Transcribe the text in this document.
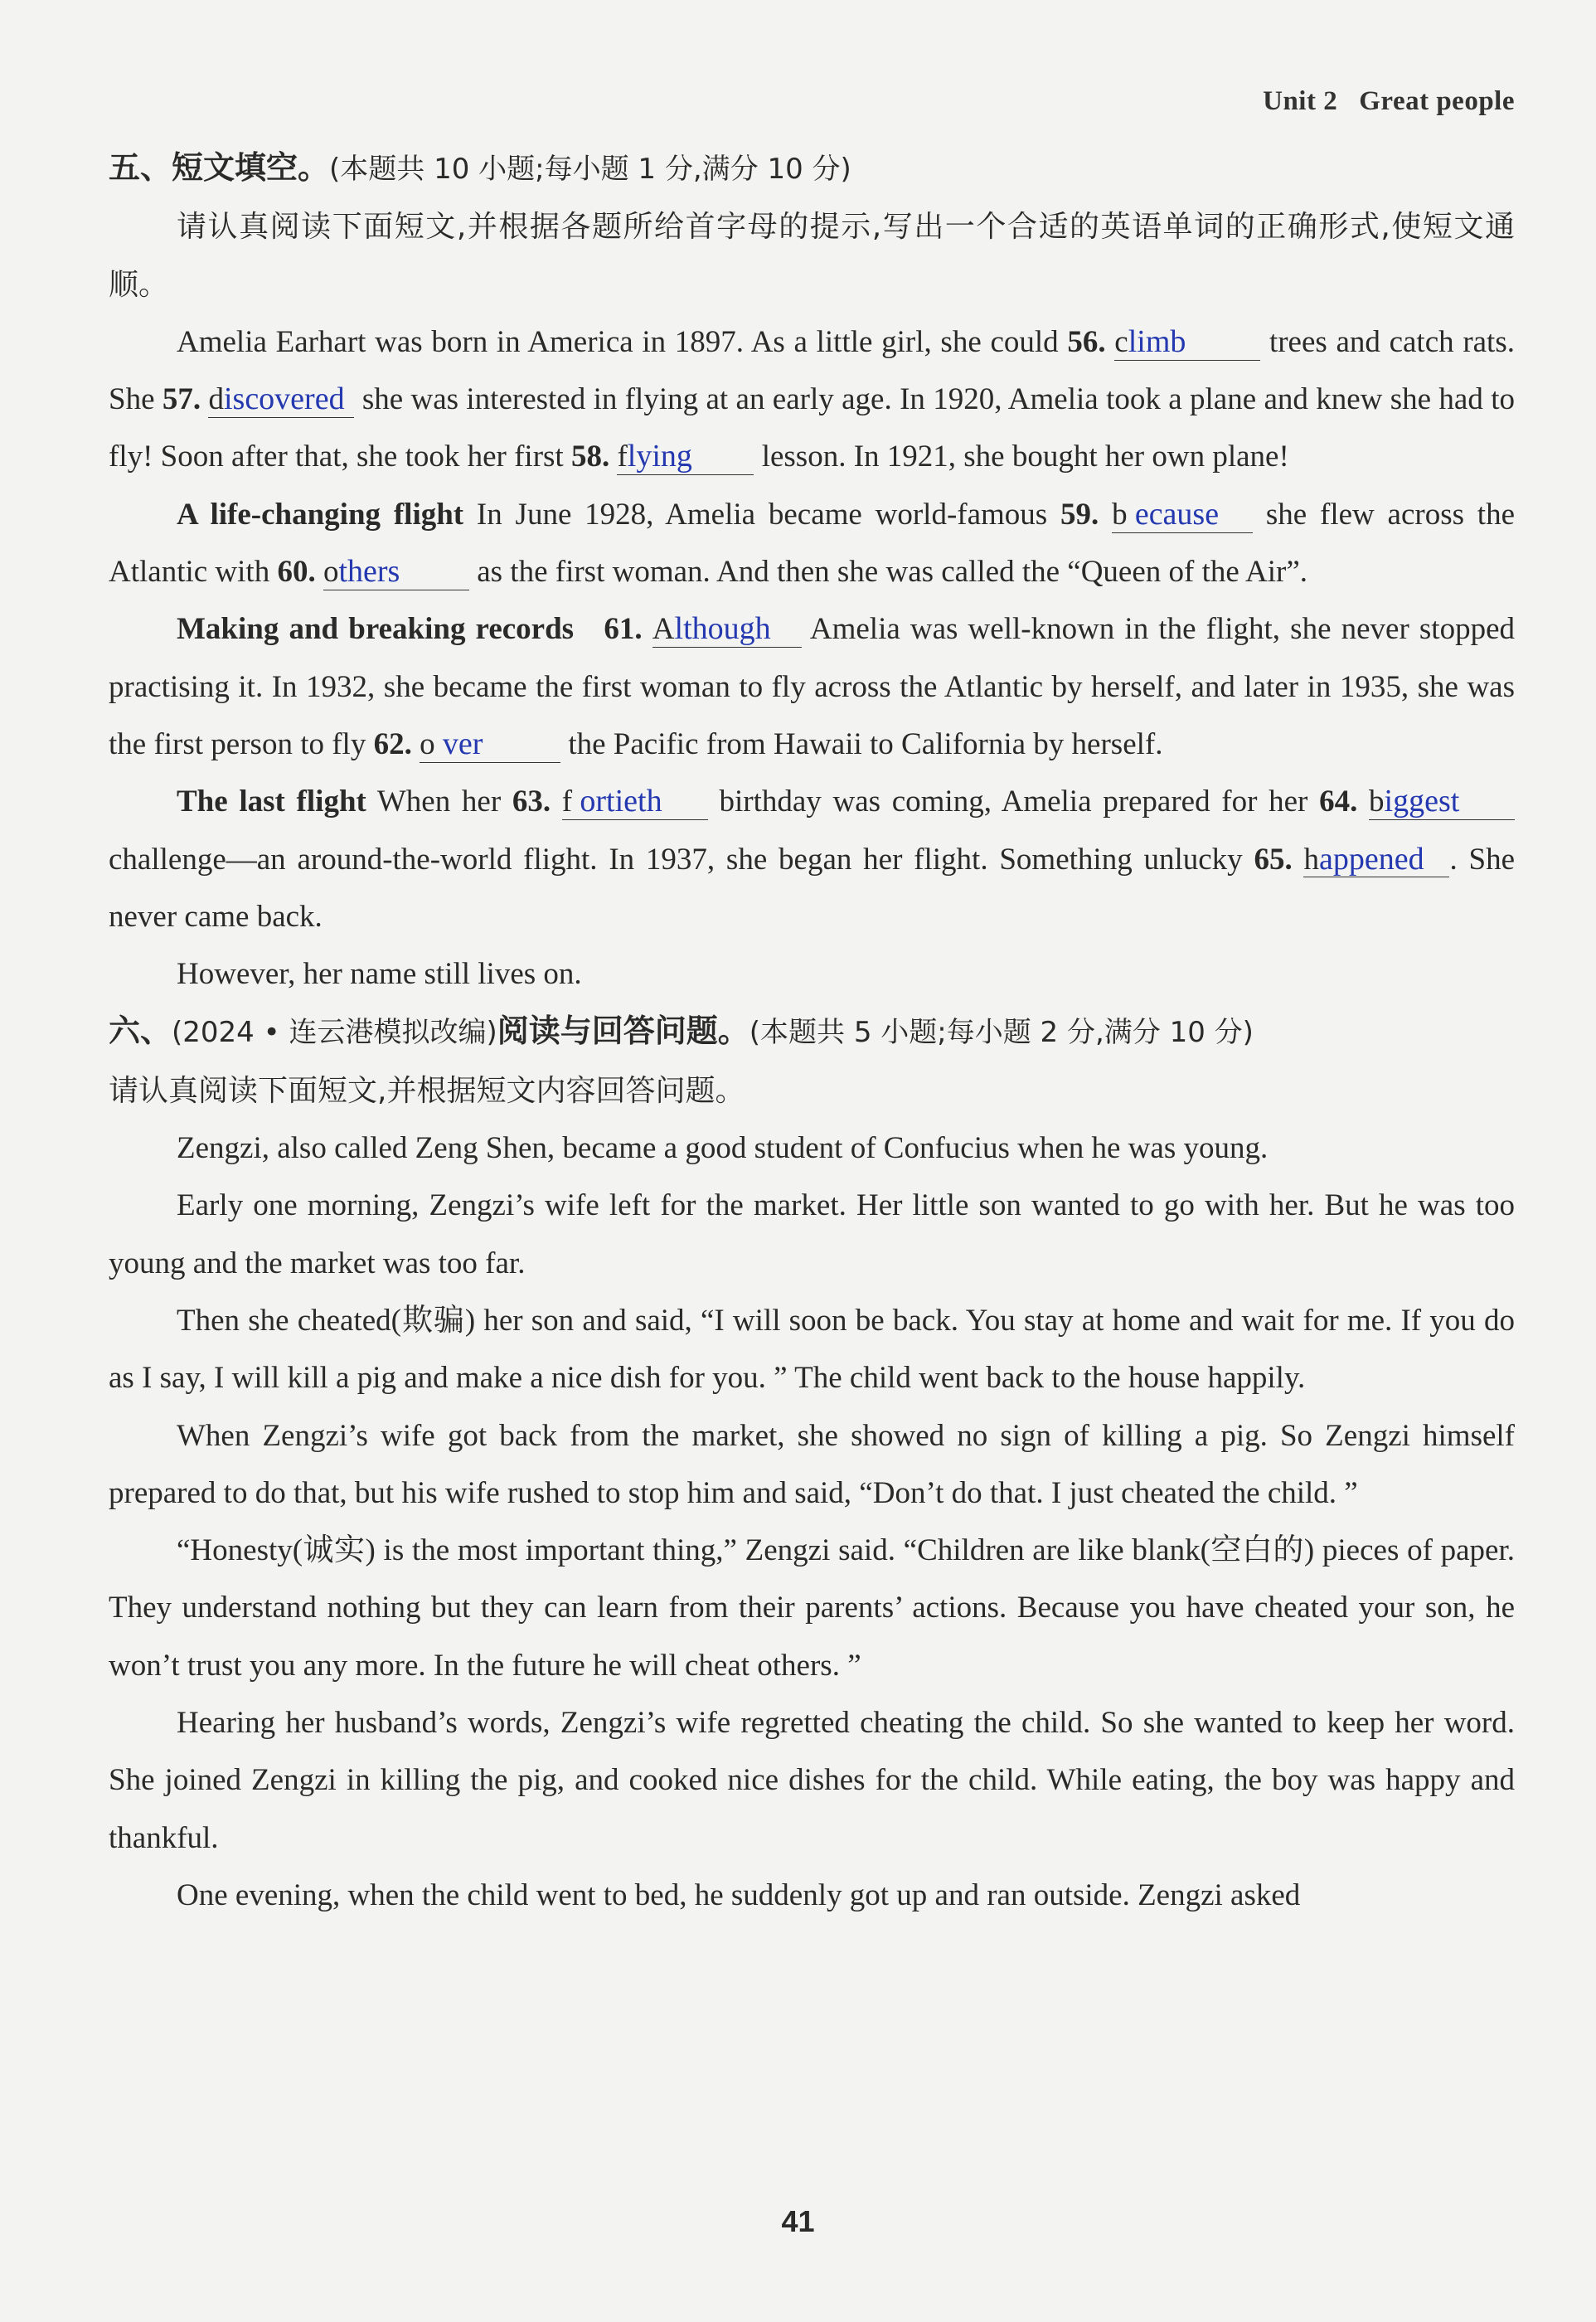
Unit 2 Great people

五、短文填空。(本题共 10 小题;每小题 1 分,满分 10 分)

请认真阅读下面短文,并根据各题所给首字母的提示,写出一个合适的英语单词的正确形式,使短文通顺。

Amelia Earhart was born in America in 1897. As a little girl, she could 56. climb trees and catch rats. She 57. discovered she was interested in flying at an early age. In 1920, Amelia took a plane and knew she had to fly! Soon after that, she took her first 58. flying lesson. In 1921, she bought her own plane!

A life-changing flight In June 1928, Amelia became world-famous 59. b ecause she flew across the Atlantic with 60. others as the first woman. And then she was called the “Queen of the Air”.

Making and breaking records 61. Although Amelia was well-known in the flight, she never stopped practising it. In 1932, she became the first woman to fly across the Atlantic by herself, and later in 1935, she was the first person to fly 62. o ver	the Pacific from Hawaii to California by herself.

The last flight When her 63. f ortieth birthday was coming, Amelia prepared for her 64. biggest challenge—an around-the-world flight. In 1937, she began her flight. Something unlucky 65. happened . She never came back.

However, her name still lives on.

六、(2024 • 连云港模拟改编)阅读与回答问题。(本题共 5 小题;每小题 2 分,满分 10 分)

请认真阅读下面短文,并根据短文内容回答问题。

Zengzi, also called Zeng Shen, became a good student of Confucius when he was young.

Early one morning, Zengzi’s wife left for the market. Her little son wanted to go with her. But he was too young and the market was too far.

Then she cheated(欺骗) her son and said, “I will soon be back. You stay at home and wait for me. If you do as I say, I will kill a pig and make a nice dish for you. ” The child went back to the house happily.

When Zengzi’s wife got back from the market, she showed no sign of killing a pig. So Zengzi himself prepared to do that, but his wife rushed to stop him and said, “Don’t do that. I just cheated the child. ”

“Honesty(诚实) is the most important thing,” Zengzi said. “Children are like blank(空白的) pieces of paper. They understand nothing but they can learn from their parents’ actions. Because you have cheated your son, he won’t trust you any more. In the future he will cheat others. ”

Hearing her husband’s words, Zengzi’s wife regretted cheating the child. So she wanted to keep her word. She joined Zengzi in killing the pig, and cooked nice dishes for the child. While eating, the boy was happy and thankful.

One evening, when the child went to bed, he suddenly got up and ran outside. Zengzi asked

41
